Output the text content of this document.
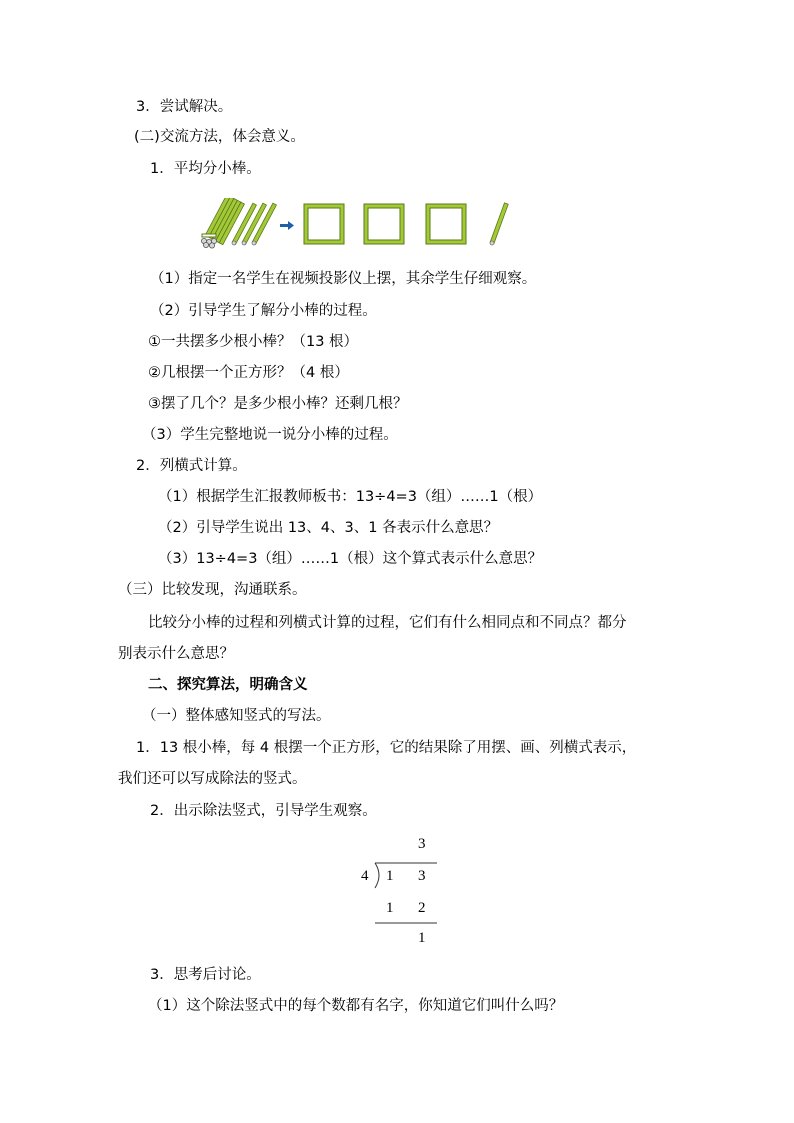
3．尝试解决。
(二)交流方法，体会意义。
1．平均分小棒。
（1）指定一名学生在视频投影仪上摆，其余学生仔细观察。
（2）引导学生了解分小棒的过程。
①一共摆多少根小棒？（13 根）
②几根摆一个正方形？（4 根）
③摆了几个？是多少根小棒？还剩几根？
（3）学生完整地说一说分小棒的过程。
2．列横式计算。
（1）根据学生汇报教师板书：13÷4=3（组）……1（根）
（2）引导学生说出 13、4、3、1 各表示什么意思？
（3）13÷4=3（组）……1（根）这个算式表示什么意思？
（三）比较发现，沟通联系。
比较分小棒的过程和列横式计算的过程，它们有什么相同点和不同点？都分
别表示什么意思？
二、探究算法，明确含义
（一）整体感知竖式的写法。
1．13 根小棒，每 4 根摆一个正方形，它的结果除了用摆、画、列横式表示，
我们还可以写成除法的竖式。
2．出示除法竖式，引导学生观察。
3
4 1 3
1 2
1
3．思考后讨论。
（1）这个除法竖式中的每个数都有名字，你知道它们叫什么吗？
